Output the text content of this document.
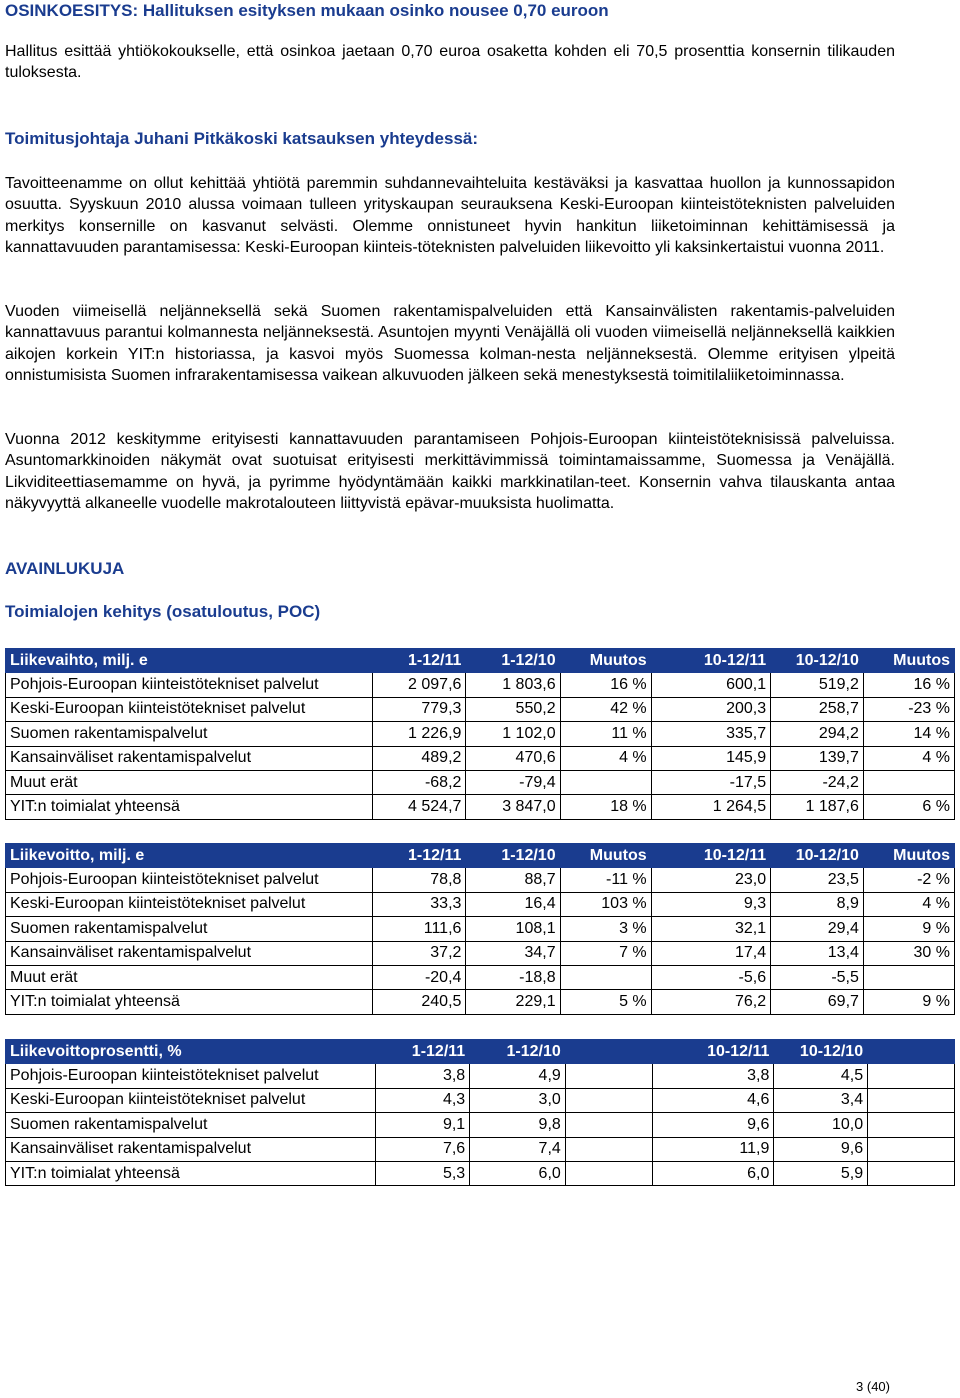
OSINKOESITYS: Hallituksen esityksen mukaan osinko nousee 0,70 euroon

Hallitus esittää yhtiökokoukselle, että osinkoa jaetaan 0,70 euroa osaketta kohden eli 70,5 prosenttia konsernin tilikauden tuloksesta.

Toimitusjohtaja Juhani Pitkäkoski katsauksen yhteydessä:

Tavoitteenamme on ollut kehittää yhtiötä paremmin suhdannevaihteluita kestäväksi ja kasvattaa huollon ja kunnossapidon osuutta. Syyskuun 2010 alussa voimaan tulleen yrityskaupan seurauksena Keski-Euroopan kiinteistöteknisten palveluiden merkitys konsernille on kasvanut selvästi. Olemme onnistuneet hyvin hankitun liiketoiminnan kehittämisessä ja kannattavuuden parantamisessa: Keski-Euroopan kiinteis-töteknisten palveluiden liikevoitto yli kaksinkertaistui vuonna 2011.

Vuoden viimeisellä neljänneksellä sekä Suomen rakentamispalveluiden että Kansainvälisten rakentamis-palveluiden kannattavuus parantui kolmannesta neljänneksestä. Asuntojen myynti Venäjällä oli vuoden viimeisellä neljänneksellä kaikkien aikojen korkein YIT:n historiassa, ja kasvoi myös Suomessa kolman-nesta neljänneksestä. Olemme erityisen ylpeitä onnistumisista Suomen infrarakentamisessa vaikean alkuvuoden jälkeen sekä menestyksestä toimitilaliiketoiminnassa.

Vuonna 2012 keskitymme erityisesti kannattavuuden parantamiseen Pohjois-Euroopan kiinteistöteknisissä palveluissa. Asuntomarkkinoiden näkymät ovat suotuisat erityisesti merkittävimmissä toimintamaissamme, Suomessa ja Venäjällä. Likviditeettiasemamme on hyvä, ja pyrimme hyödyntämään kaikki markkinatilan-teet. Konsernin vahva tilauskanta antaa näkyvyyttä alkaneelle vuodelle makrotalouteen liittyvistä epävar-muuksista huolimatta.

AVAINLUKUJA
Toimialojen kehitys (osatuloutus, POC)
Liikevaihto, milj. e	1-12/11	1-12/10	Muutos	10-12/11	10-12/10	Muutos
Pohjois-Euroopan kiinteistötekniset palvelut	2 097,6	1 803,6	16 %	600,1	519,2	16 %
Keski-Euroopan kiinteistötekniset palvelut	779,3	550,2	42 %	200,3	258,7	-23 %
Suomen rakentamispalvelut	1 226,9	1 102,0	11 %	335,7	294,2	14 %
Kansainväliset rakentamispalvelut	489,2	470,6	4 %	145,9	139,7	4 %
Muut erät	-68,2	-79,4		-17,5	-24,2	
YIT:n toimialat yhteensä	4 524,7	3 847,0	18 %	1 264,5	1 187,6	6 %
Liikevoitto, milj. e	1-12/11	1-12/10	Muutos	10-12/11	10-12/10	Muutos
Pohjois-Euroopan kiinteistötekniset palvelut	78,8	88,7	-11 %	23,0	23,5	-2 %
Keski-Euroopan kiinteistötekniset palvelut	33,3	16,4	103 %	9,3	8,9	4 %
Suomen rakentamispalvelut	111,6	108,1	3 %	32,1	29,4	9 %
Kansainväliset rakentamispalvelut	37,2	34,7	7 %	17,4	13,4	30 %
Muut erät	-20,4	-18,8		-5,6	-5,5	
YIT:n toimialat yhteensä	240,5	229,1	5 %	76,2	69,7	9 %
Liikevoittoprosentti, %	1-12/11	1-12/10		10-12/11	10-12/10	
Pohjois-Euroopan kiinteistötekniset palvelut	3,8	4,9		3,8	4,5	
Keski-Euroopan kiinteistötekniset palvelut	4,3	3,0		4,6	3,4	
Suomen rakentamispalvelut	9,1	9,8		9,6	10,0	
Kansainväliset rakentamispalvelut	7,6	7,4		11,9	9,6	
YIT:n toimialat yhteensä	5,3	6,0		6,0	5,9	
3 (40)
